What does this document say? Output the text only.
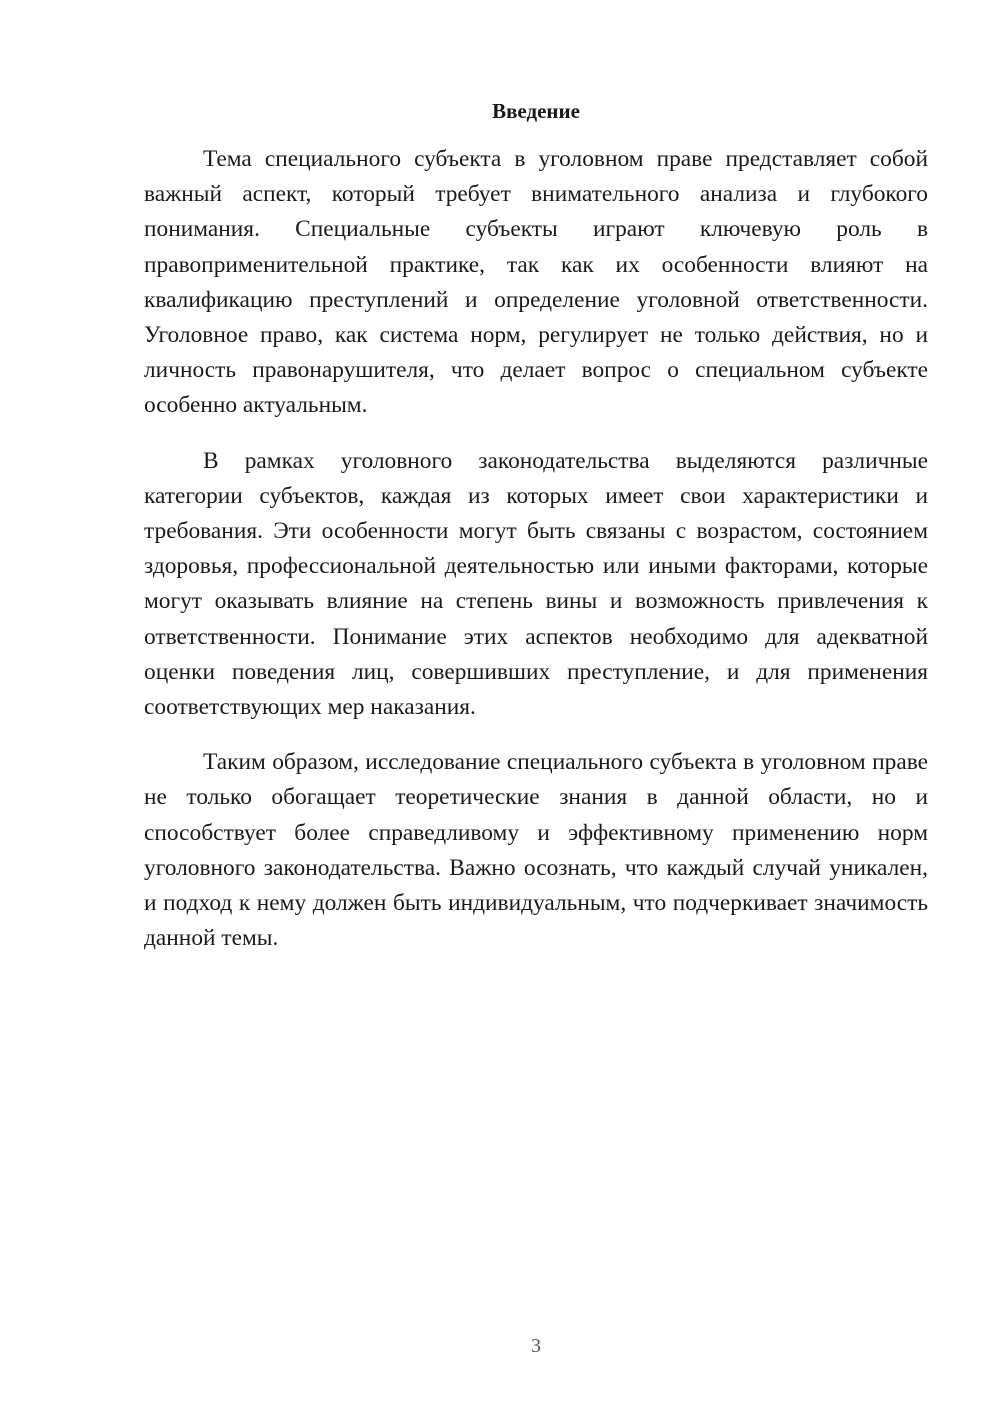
Введение

Тема специального субъекта в уголовном праве представляет собой важный аспект, который требует внимательного анализа и глубокого понимания. Специальные субъекты играют ключевую роль в правоприменительной практике, так как их особенности влияют на квалификацию преступлений и определение уголовной ответственности. Уголовное право, как система норм, регулирует не только действия, но и личность правонарушителя, что делает вопрос о специальном субъекте особенно актуальным.

В рамках уголовного законодательства выделяются различные категории субъектов, каждая из которых имеет свои характеристики и требования. Эти особенности могут быть связаны с возрастом, состоянием здоровья, профессиональной деятельностью или иными факторами, которые могут оказывать влияние на степень вины и возможность привлечения к ответственности. Понимание этих аспектов необходимо для адекватной оценки поведения лиц, совершивших преступление, и для применения соответствующих мер наказания.

Таким образом, исследование специального субъекта в уголовном праве не только обогащает теоретические знания в данной области, но и способствует более справедливому и эффективному применению норм уголовного законодательства. Важно осознать, что каждый случай уникален, и подход к нему должен быть индивидуальным, что подчеркивает значимость данной темы.

3
